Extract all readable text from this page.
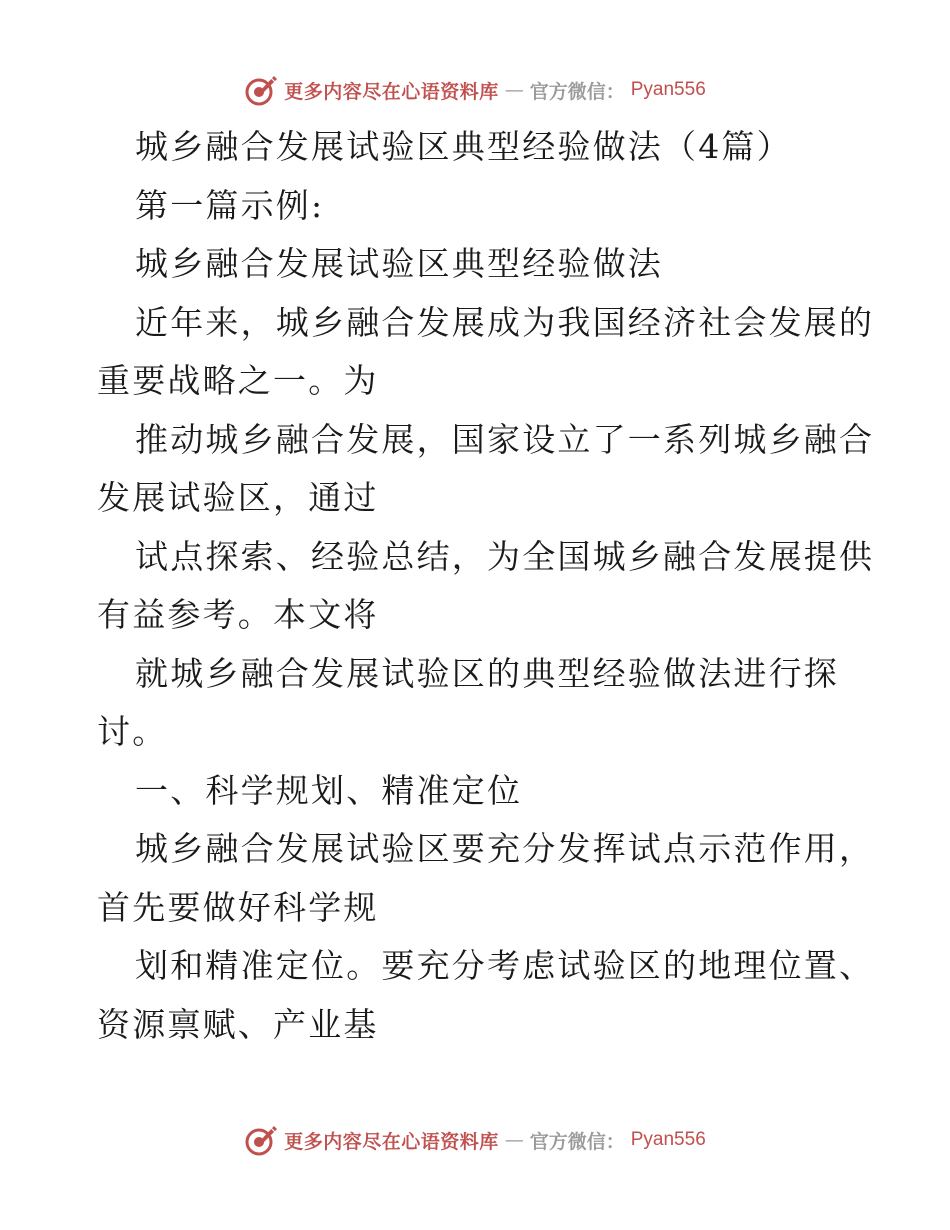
更多内容尽在心语资料库 — 官方微信： Pyan556
城乡融合发展试验区典型经验做法（4篇）
第一篇示例:
城乡融合发展试验区典型经验做法
近年来，城乡融合发展成为我国经济社会发展的
重要战略之一。为
推动城乡融合发展，国家设立了一系列城乡融合
发展试验区，通过
试点探索、经验总结，为全国城乡融合发展提供
有益参考。本文将
就城乡融合发展试验区的典型经验做法进行探
讨。
一、科学规划、精准定位
城乡融合发展试验区要充分发挥试点示范作用，
首先要做好科学规
划和精准定位。要充分考虑试验区的地理位置、
资源禀赋、产业基
更多内容尽在心语资料库 — 官方微信： Pyan556
